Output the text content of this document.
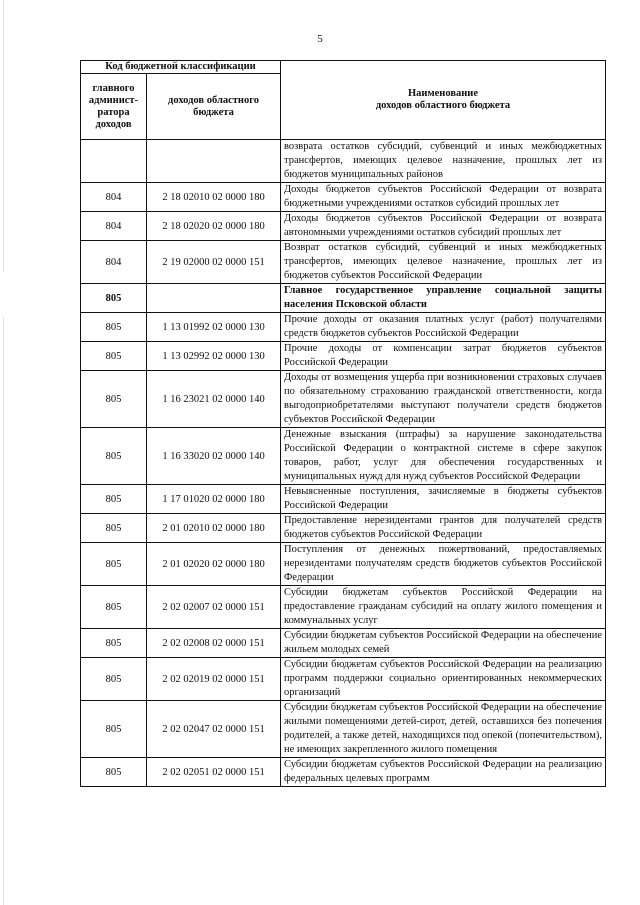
5
Код бюджетной классификации		Наименование
доходов областного бюджета
главного админист-ратора доходов	доходов областного бюджета	
		возврата остатков субсидий, субвенций и иных межбюджетных трансфертов, имеющих целевое назначение, прошлых лет из бюджетов муниципальных районов
804	2 18 02010 02 0000 180	Доходы бюджетов субъектов Российской Федерации от возврата бюджетными учреждениями остатков субсидий прошлых лет
804	2 18 02020 02 0000 180	Доходы бюджетов субъектов Российской Федерации от возврата автономными учреждениями остатков субсидий прошлых лет
804	2 19 02000 02 0000 151	Возврат остатков субсидий, субвенций и иных межбюджетных трансфертов, имеющих целевое назначение, прошлых лет из бюджетов субъектов Российской Федерации
805		Главное государственное управление социальной защиты населения Псковской области
805	1 13 01992 02 0000 130	Прочие доходы от оказания платных услуг (работ) получателями средств бюджетов субъектов Российской Федерации
805	1 13 02992 02 0000 130	Прочие доходы от компенсации затрат бюджетов субъектов Российской Федерации
805	1 16 23021 02 0000 140	Доходы от возмещения ущерба при возникновении страховых случаев по обязательному страхованию гражданской ответственности, когда выгодоприобретателями выступают получатели средств бюджетов субъектов Российской Федерации
805	1 16 33020 02 0000 140	Денежные взыскания (штрафы) за нарушение законодательства Российской Федерации о контрактной системе в сфере закупок товаров, работ, услуг для обеспечения государственных и муниципальных нужд для нужд субъектов Российской Федерации
805	1 17 01020 02 0000 180	Невыясненные поступления, зачисляемые в бюджеты субъектов Российской Федерации
805	2 01 02010 02 0000 180	Предоставление нерезидентами грантов для получателей средств бюджетов субъектов Российской Федерации
805	2 01 02020 02 0000 180	Поступления от денежных пожертвований, предоставляемых нерезидентами получателям средств бюджетов субъектов Российской Федерации
805	2 02 02007 02 0000 151	Субсидии бюджетам субъектов Российской Федерации на предоставление гражданам субсидий на оплату жилого помещения и коммунальных услуг
805	2 02 02008 02 0000 151	Субсидии бюджетам субъектов Российской Федерации на обеспечение жильем молодых семей
805	2 02 02019 02 0000 151	Субсидии бюджетам субъектов Российской Федерации на реализацию программ поддержки социально ориентированных некоммерческих организаций
805	2 02 02047 02 0000 151	Субсидии бюджетам субъектов Российской Федерации на обеспечение жилыми помещениями детей-сирот, детей, оставшихся без попечения родителей, а также детей, находящихся под опекой (попечительством), не имеющих закрепленного жилого помещения
805	2 02 02051 02 0000 151	Субсидии бюджетам субъектов Российской Федерации на реализацию федеральных целевых программ
